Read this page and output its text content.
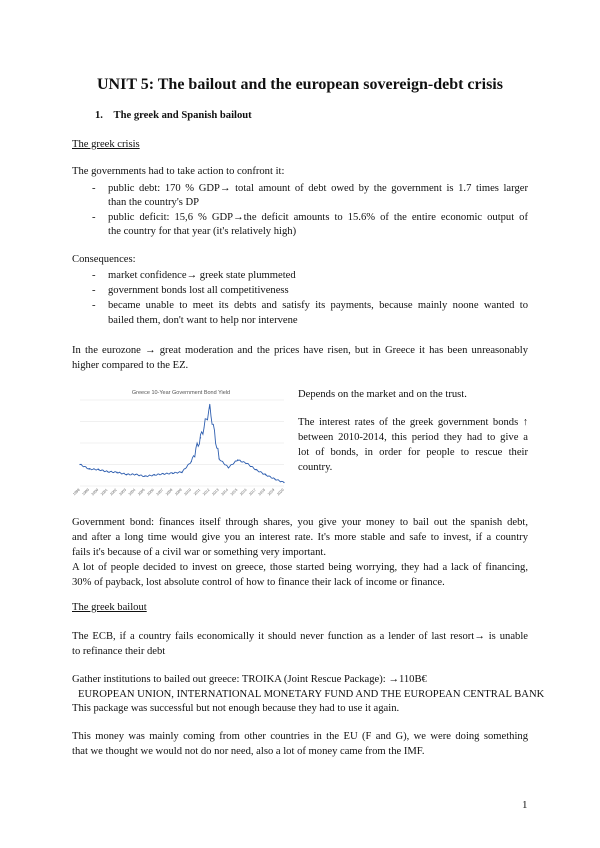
UNIT 5: The bailout and the european sovereign-debt crisis
1. The greek and Spanish bailout
The greek crisis
The governments had to take action to confront it:
- public debt: 170 % GDP→ total amount of debt owed by the government is 1.7 times larger
than the country's DP
- public deficit: 15,6 % GDP→the deficit amounts to 15.6% of the entire economic output of
the country for that year (it's relatively high)
Consequences:
- market confidence→ greek state plummeted
- government bonds lost all competitiveness
- became unable to meet its debts and satisfy its payments, because mainly noone wanted to
bailed them, don't want to help nor intervene
In the eurozone → great moderation and the prices have risen, but in Greece it has been unreasonably
higher compared to the EZ.
Greece 10-Year Government Bond Yield
1998 1999 2000 2001 2002 2003 2004 2005 2006 2007 2008 2009 2010 2011 2012 2013 2014 2015 2016 2017 2018 2019 2020
Depends on the market and on the trust.
The interest rates of the greek government bonds ↑
between 2010-2014, this period they had to give a
lot of bonds, in order for people to rescue their
country.
Government bond: finances itself through shares, you give your money to bail out the spanish debt,
and after a long time would give you an interest rate. It's more stable and safe to invest, if a country
fails it's because of a civil war or something very important.
A lot of people decided to invest on greece, those started being worrying, they had a lack of financing,
30% of payback, lost absolute control of how to finance their lack of income or finance.
The greek bailout
The ECB, if a country fails economically it should never function as a lender of last resort→ is unable
to refinance their debt
Gather institutions to bailed out greece: TROIKA (Joint Rescue Package): →110B€
EUROPEAN UNION, INTERNATIONAL MONETARY FUND AND THE EUROPEAN CENTRAL BANK
This package was successful but not enough because they had to use it again.
This money was mainly coming from other countries in the EU (F and G), we were doing something
that we thought we would not do nor need, also a lot of money came from the IMF.
1
